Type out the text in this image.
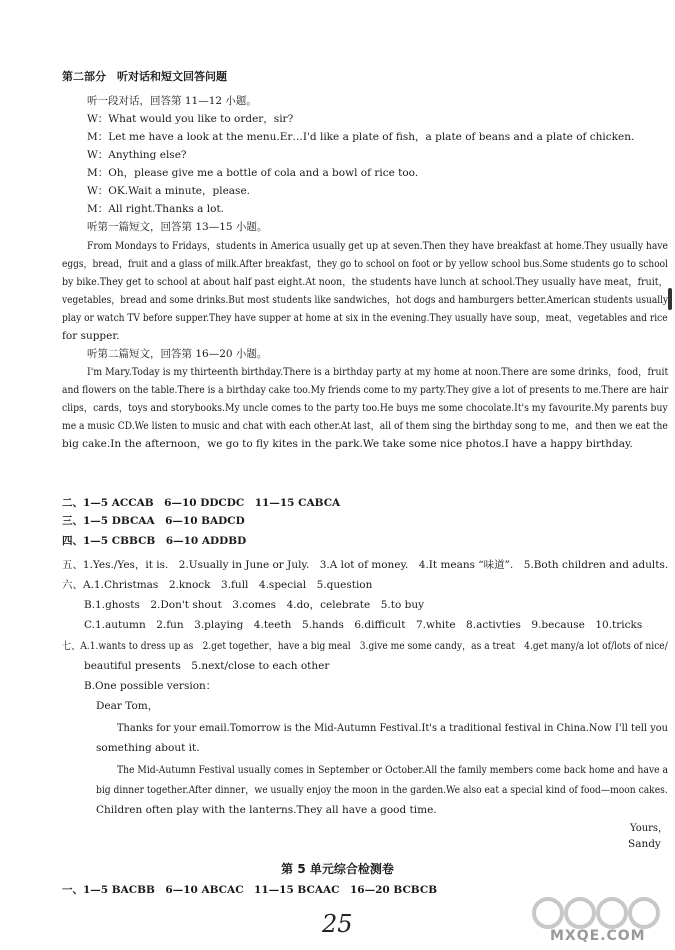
第二部分　听对话和短文回答问题
听一段对话，回答第 11—12 小题。
W：What would you like to order，sir?
M：Let me have a look at the menu.Er…I'd like a plate of fish，a plate of beans and a plate of chicken.
W：Anything else?
M：Oh，please give me a bottle of cola and a bowl of rice too.
W：OK.Wait a minute，please.
M：All right.Thanks a lot.
听第一篇短文，回答第 13—15 小题。
From Mondays to Fridays，students in America usually get up at seven.Then they have breakfast at home.They usually have
eggs，bread，fruit and a glass of milk.After breakfast，they go to school on foot or by yellow school bus.Some students go to school
by bike.They get to school at about half past eight.At noon，the students have lunch at school.They usually have meat，fruit，
vegetables，bread and some drinks.But most students like sandwiches，hot dogs and hamburgers better.American students usually
play or watch TV before supper.They have supper at home at six in the evening.They usually have soup，meat，vegetables and rice
for supper.
听第二篇短文，回答第 16—20 小题。
I'm Mary.Today is my thirteenth birthday.There is a birthday party at my home at noon.There are some drinks，food，fruit
and flowers on the table.There is a birthday cake too.My friends come to my party.They give a lot of presents to me.There are hair
clips，cards，toys and storybooks.My uncle comes to the party too.He buys me some chocolate.It's my favourite.My parents buy
me a music CD.We listen to music and chat with each other.At last，all of them sing the birthday song to me，and then we eat the
big cake.In the afternoon，we go to fly kites in the park.We take some nice photos.I have a happy birthday.
二、1—5 ACCAB　6—10 DDCDC　11—15 CABCA
三、1—5 DBCAA　6—10 BADCD
四、1—5 CBBCB　6—10 ADDBD
五、1.Yes./Yes，it is.　2.Usually in June or July.　3.A lot of money.　4.It means “味道”.　5.Both children and adults.
六、A.1.Christmas　2.knock　3.full　4.special　5.question
B.1.ghosts　2.Don't shout　3.comes　4.do，celebrate　5.to buy
C.1.autumn　2.fun　3.playing　4.teeth　5.hands　6.difficult　7.white　8.activties　9.because　10.tricks
七、A.1.wants to dress up as　2.get together，have a big meal　3.give me some candy，as a treat　4.get many/a lot of/lots of nice/
beautiful presents　5.next/close to each other
B.One possible version：
Dear Tom，
Thanks for your email.Tomorrow is the Mid-Autumn Festival.It's a traditional festival in China.Now I'll tell you
something about it.
The Mid-Autumn Festival usually comes in September or October.All the family members come back home and have a
big dinner together.After dinner，we usually enjoy the moon in the garden.We also eat a special kind of food—moon cakes.
Children often play with the lanterns.They all have a good time.
Yours，
Sandy
第 5 单元综合检测卷
一、1—5 BACBB　6—10 ABCAC　11—15 BCAAC　16—20 BCBCB
25	MXQE.COM
